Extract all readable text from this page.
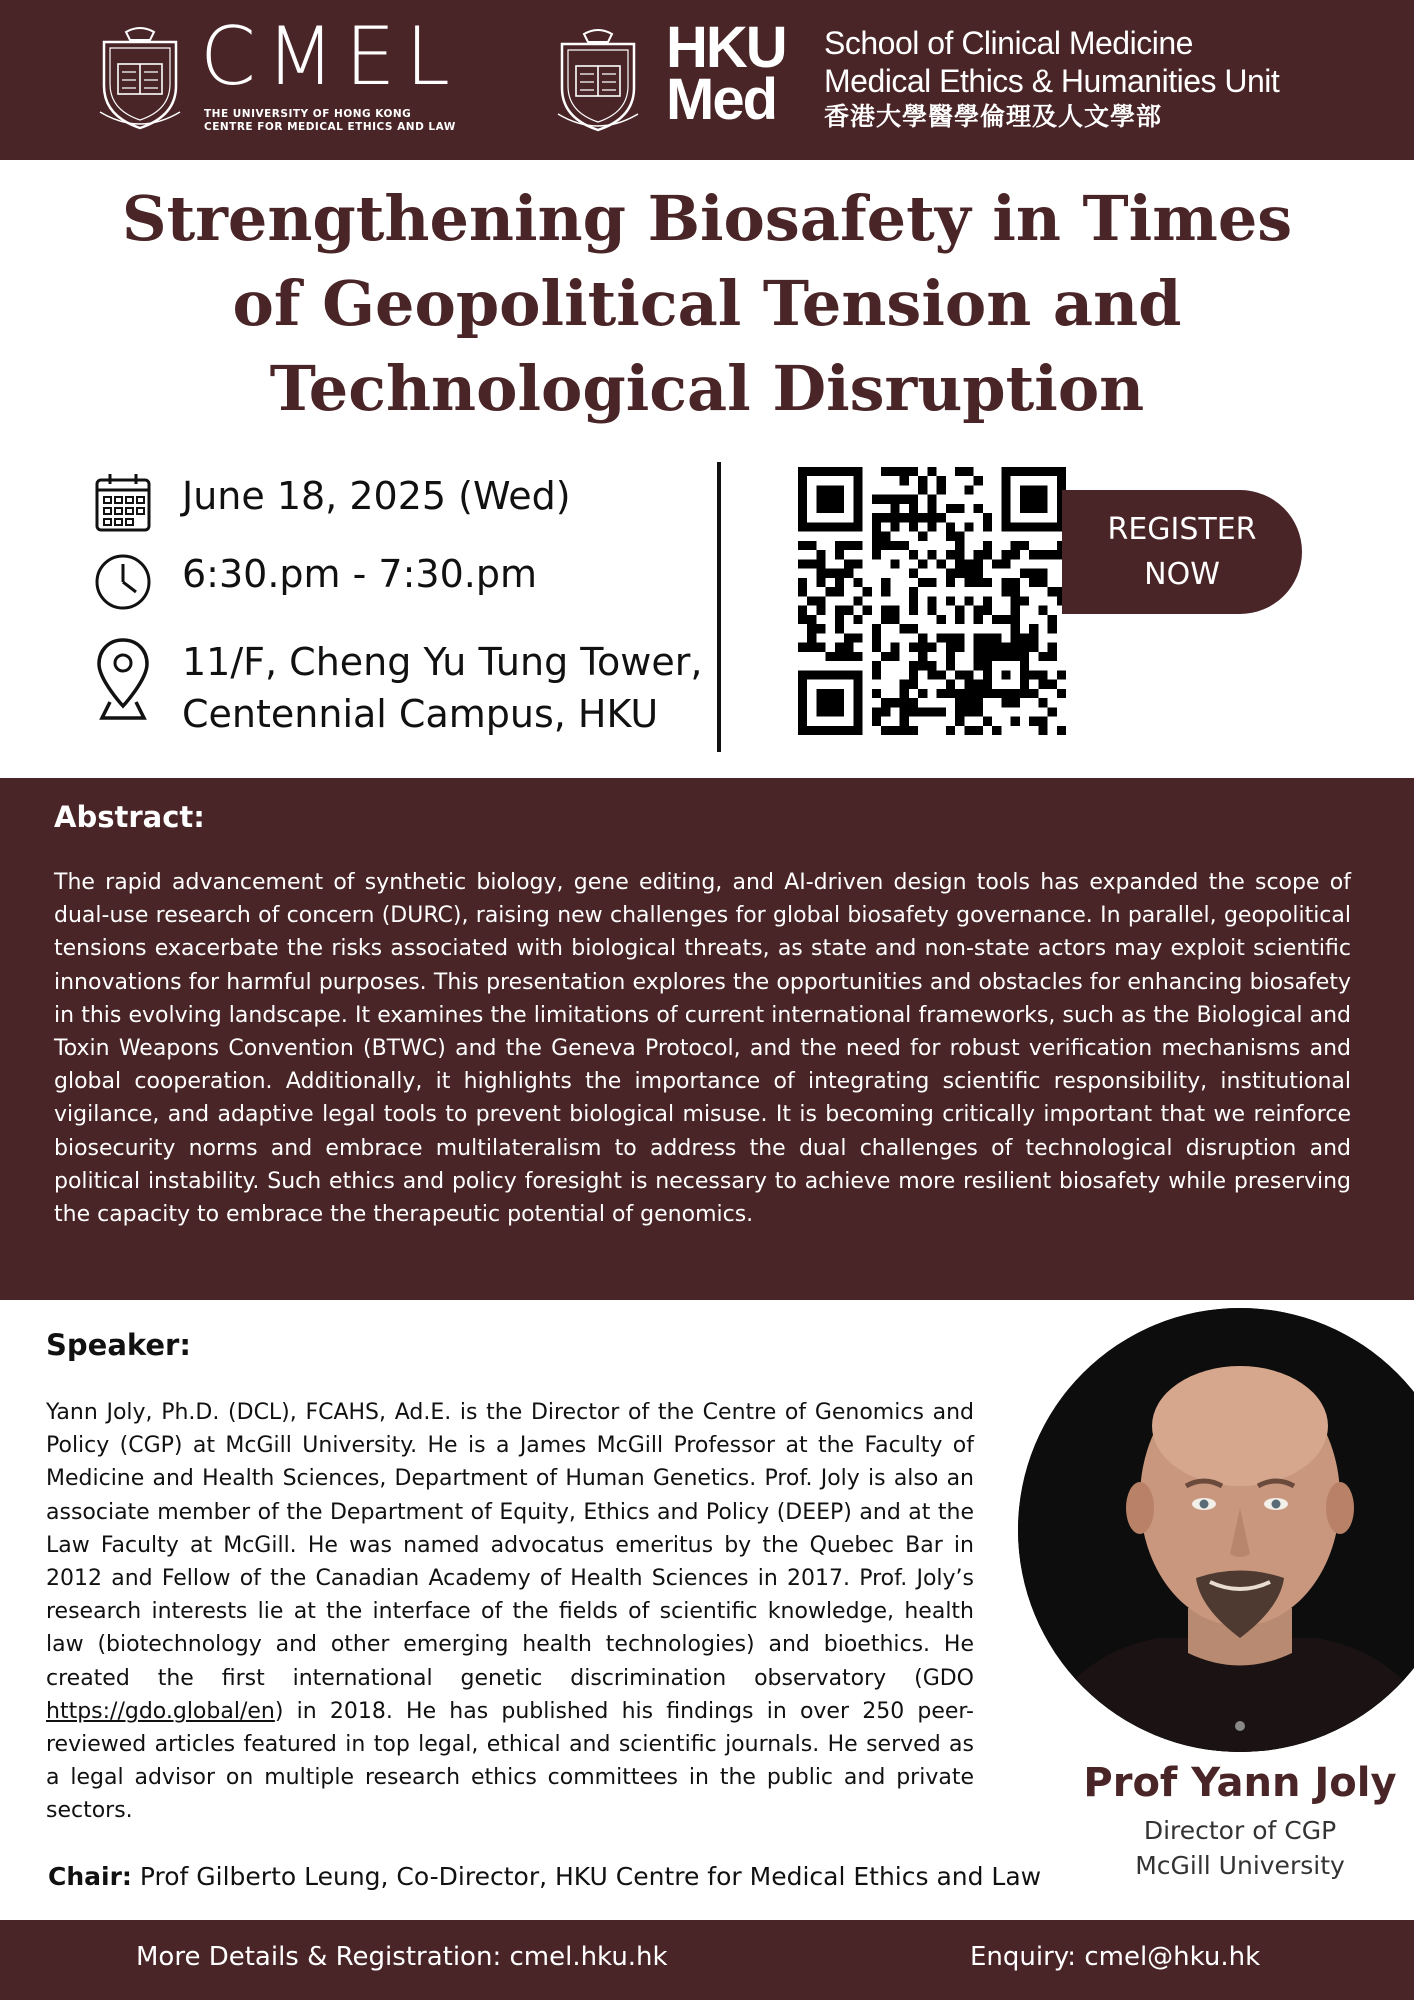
CMEL
THE UNIVERSITY OF HONG KONG
CENTRE FOR MEDICAL ETHICS AND LAW
HKU
Med
School of Clinical Medicine
Medical Ethics & Humanities Unit
香港大學醫學倫理及人文學部
Strengthening Biosafety in Times
of Geopolitical Tension and
Technological Disruption
June 18, 2025 (Wed)
6:30.pm - 7:30.pm
11/F, Cheng Yu Tung Tower,
Centennial Campus, HKU
REGISTER
NOW
Abstract:

The rapid advancement of synthetic biology, gene editing, and AI-driven design tools has expanded the scope of dual-use research of concern (DURC), raising new challenges for global biosafety governance. In parallel, geopolitical tensions exacerbate the risks associated with biological threats, as state and non-state actors may exploit scientific innovations for harmful purposes. This presentation explores the opportunities and obstacles for enhancing biosafety in this evolving landscape. It examines the limitations of current international frameworks, such as the Biological and Toxin Weapons Convention (BTWC) and the Geneva Protocol, and the need for robust verification mechanisms and global cooperation. Additionally, it highlights the importance of integrating scientific responsibility, institutional vigilance, and adaptive legal tools to prevent biological misuse. It is becoming critically important that we reinforce biosecurity norms and embrace multilateralism to address the dual challenges of technological disruption and political instability. Such ethics and policy foresight is necessary to achieve more resilient biosafety while preserving the capacity to embrace the therapeutic potential of genomics.

Speaker:

Yann Joly, Ph.D. (DCL), FCAHS, Ad.E. is the Director of the Centre of Genomics and Policy (CGP) at McGill University. He is a James McGill Professor at the Faculty of Medicine and Health Sciences, Department of Human Genetics. Prof. Joly is also an associate member of the Department of Equity, Ethics and Policy (DEEP) and at the Law Faculty at McGill. He was named advocatus emeritus by the Quebec Bar in 2012 and Fellow of the Canadian Academy of Health Sciences in 2017. Prof. Joly’s research interests lie at the interface of the fields of scientific knowledge, health law (biotechnology and other emerging health technologies) and bioethics. He created the first international genetic discrimination observatory (GDO https://gdo.global/en) in 2018. He has published his findings in over 250 peer-reviewed articles featured in top legal, ethical and scientific journals. He served as a legal advisor on multiple research ethics committees in the public and private sectors.

Prof Yann Joly
Director of CGP
McGill University
Chair: Prof Gilberto Leung, Co-Director, HKU Centre for Medical Ethics and Law
More Details & Registration: cmel.hku.hk	Enquiry: cmel@hku.hk
